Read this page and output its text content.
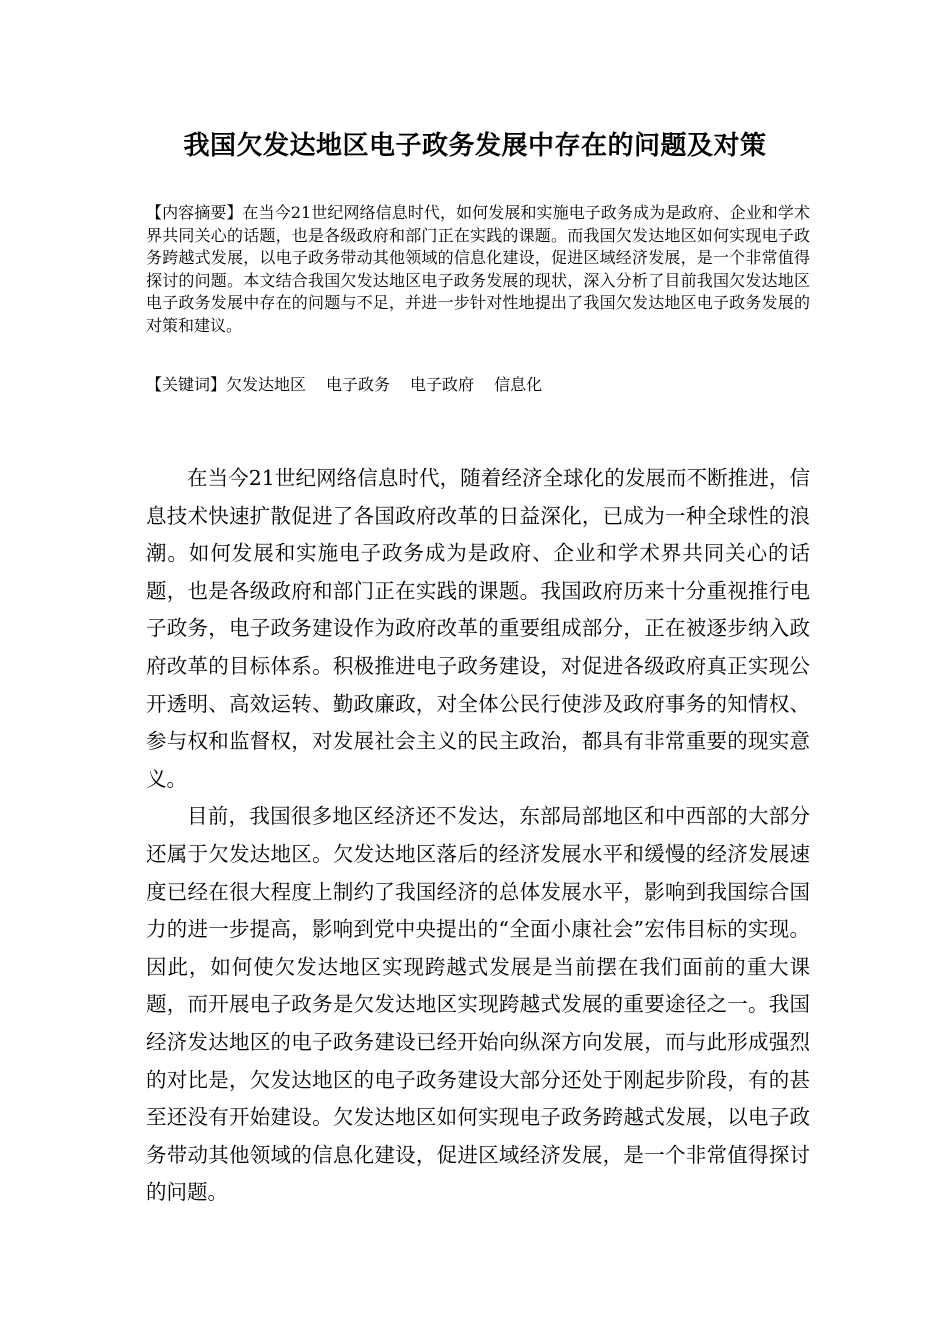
我国欠发达地区电子政务发展中存在的问题及对策

【内容摘要】在当今21世纪网络信息时代，如何发展和实施电子政务成为是政府、企业和学术界共同关心的话题，也是各级政府和部门正在实践的课题。而我国欠发达地区如何实现电子政务跨越式发展，以电子政务带动其他领域的信息化建设，促进区域经济发展，是一个非常值得探讨的问题。本文结合我国欠发达地区电子政务发展的现状，深入分析了目前我国欠发达地区电子政务发展中存在的问题与不足，并进一步针对性地提出了我国欠发达地区电子政务发展的对策和建议。

【关键词】欠发达地区 电子政务 电子政府 信息化

在当今21世纪网络信息时代，随着经济全球化的发展而不断推进，信息技术快速扩散促进了各国政府改革的日益深化，已成为一种全球性的浪潮。如何发展和实施电子政务成为是政府、企业和学术界共同关心的话题，也是各级政府和部门正在实践的课题。我国政府历来十分重视推行电子政务，电子政务建设作为政府改革的重要组成部分，正在被逐步纳入政府改革的目标体系。积极推进电子政务建设，对促进各级政府真正实现公开透明、高效运转、勤政廉政，对全体公民行使涉及政府事务的知情权、参与权和监督权，对发展社会主义的民主政治，都具有非常重要的现实意义。

目前，我国很多地区经济还不发达，东部局部地区和中西部的大部分还属于欠发达地区。欠发达地区落后的经济发展水平和缓慢的经济发展速度已经在很大程度上制约了我国经济的总体发展水平，影响到我国综合国力的进一步提高，影响到党中央提出的“全面小康社会”宏伟目标的实现。因此，如何使欠发达地区实现跨越式发展是当前摆在我们面前的重大课题，而开展电子政务是欠发达地区实现跨越式发展的重要途径之一。我国经济发达地区的电子政务建设已经开始向纵深方向发展，而与此形成强烈的对比是，欠发达地区的电子政务建设大部分还处于刚起步阶段，有的甚至还没有开始建设。欠发达地区如何实现电子政务跨越式发展，以电子政务带动其他领域的信息化建设，促进区域经济发展，是一个非常值得探讨的问题。
